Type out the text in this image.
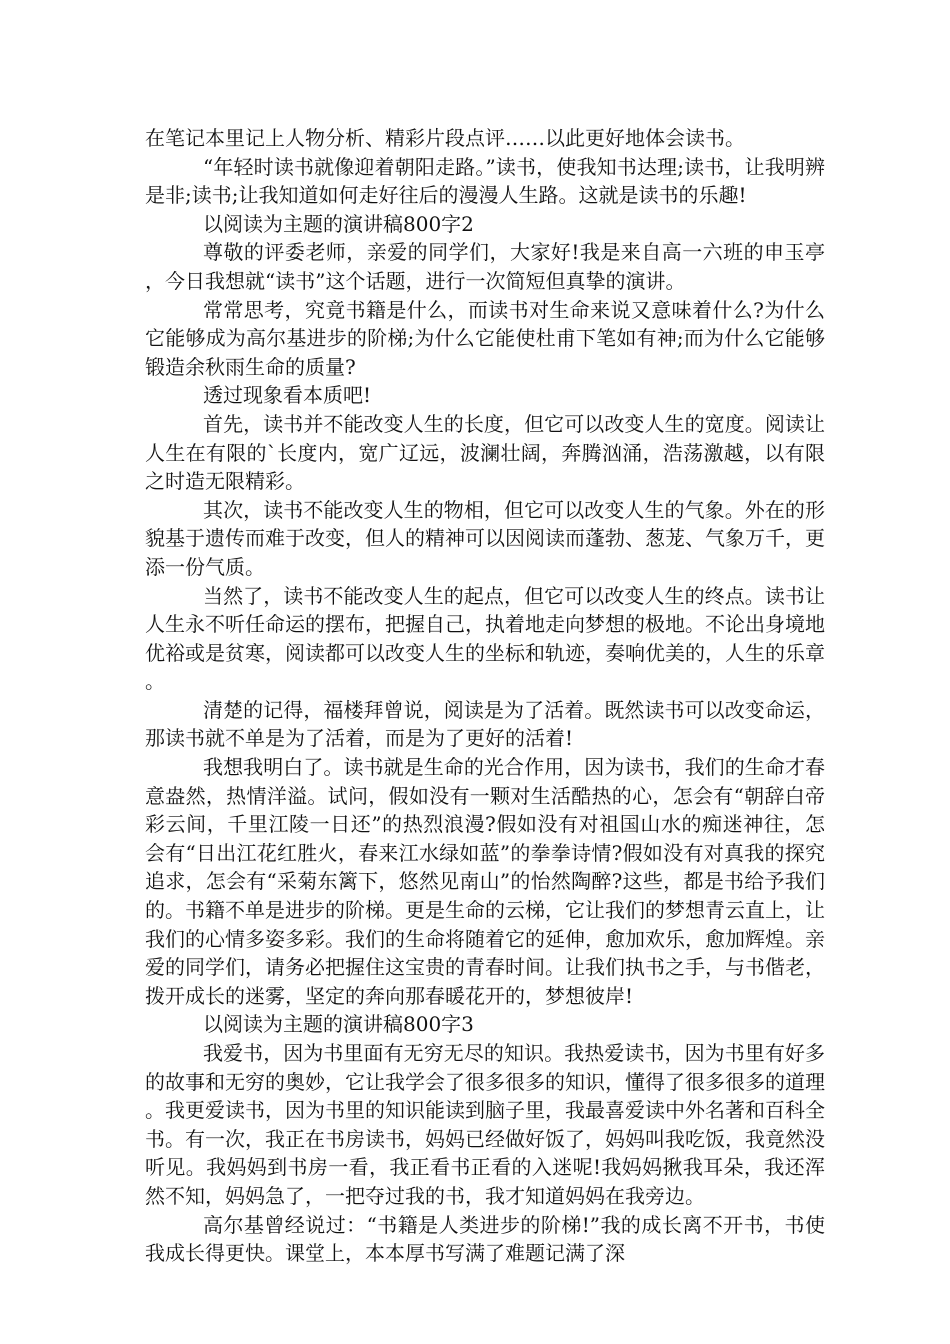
在笔记本里记上人物分析、精彩片段点评……以此更好地体会读书。

“年轻时读书就像迎着朝阳走路。”读书，使我知书达理;读书，让我明辨是非;读书;让我知道如何走好往后的漫漫人生路。这就是读书的乐趣!

以阅读为主题的演讲稿800字2

尊敬的评委老师，亲爱的同学们，大家好!我是来自高一六班的申玉亭，今日我想就“读书”这个话题，进行一次简短但真挚的演讲。

常常思考，究竟书籍是什么，而读书对生命来说又意味着什么?为什么它能够成为高尔基进步的阶梯;为什么它能使杜甫下笔如有神;而为什么它能够锻造余秋雨生命的质量?

透过现象看本质吧!

首先，读书并不能改变人生的长度，但它可以改变人生的宽度。阅读让人生在有限的`长度内，宽广辽远，波澜壮阔，奔腾汹涌，浩荡激越，以有限之时造无限精彩。

其次，读书不能改变人生的物相，但它可以改变人生的气象。外在的形貌基于遗传而难于改变，但人的精神可以因阅读而蓬勃、葱茏、气象万千，更添一份气质。

当然了，读书不能改变人生的起点，但它可以改变人生的终点。读书让人生永不听任命运的摆布，把握自己，执着地走向梦想的极地。不论出身境地优裕或是贫寒，阅读都可以改变人生的坐标和轨迹，奏响优美的，人生的乐章。

清楚的记得，福楼拜曾说，阅读是为了活着。既然读书可以改变命运，那读书就不单是为了活着，而是为了更好的活着!

我想我明白了。读书就是生命的光合作用，因为读书，我们的生命才春意盎然，热情洋溢。试问，假如没有一颗对生活酷热的心，怎会有“朝辞白帝彩云间，千里江陵一日还”的热烈浪漫?假如没有对祖国山水的痴迷神往，怎会有“日出江花红胜火，春来江水绿如蓝”的拳拳诗情?假如没有对真我的探究追求，怎会有“采菊东篱下，悠然见南山”的怡然陶醉?这些，都是书给予我们的。书籍不单是进步的阶梯。更是生命的云梯，它让我们的梦想青云直上，让我们的心情多姿多彩。我们的生命将随着它的延伸，愈加欢乐，愈加辉煌。亲爱的同学们，请务必把握住这宝贵的青春时间。让我们执书之手，与书偕老，拨开成长的迷雾，坚定的奔向那春暖花开的，梦想彼岸!

以阅读为主题的演讲稿800字3

我爱书，因为书里面有无穷无尽的知识。我热爱读书，因为书里有好多的故事和无穷的奥妙，它让我学会了很多很多的知识，懂得了很多很多的道理。我更爱读书，因为书里的知识能读到脑子里，我最喜爱读中外名著和百科全书。有一次，我正在书房读书，妈妈已经做好饭了，妈妈叫我吃饭，我竟然没听见。我妈妈到书房一看，我正看书正看的入迷呢!我妈妈揪我耳朵，我还浑然不知，妈妈急了，一把夺过我的书，我才知道妈妈在我旁边。

高尔基曾经说过：“书籍是人类进步的阶梯!”我的成长离不开书，书使我成长得更快。课堂上，本本厚书写满了难题记满了深
